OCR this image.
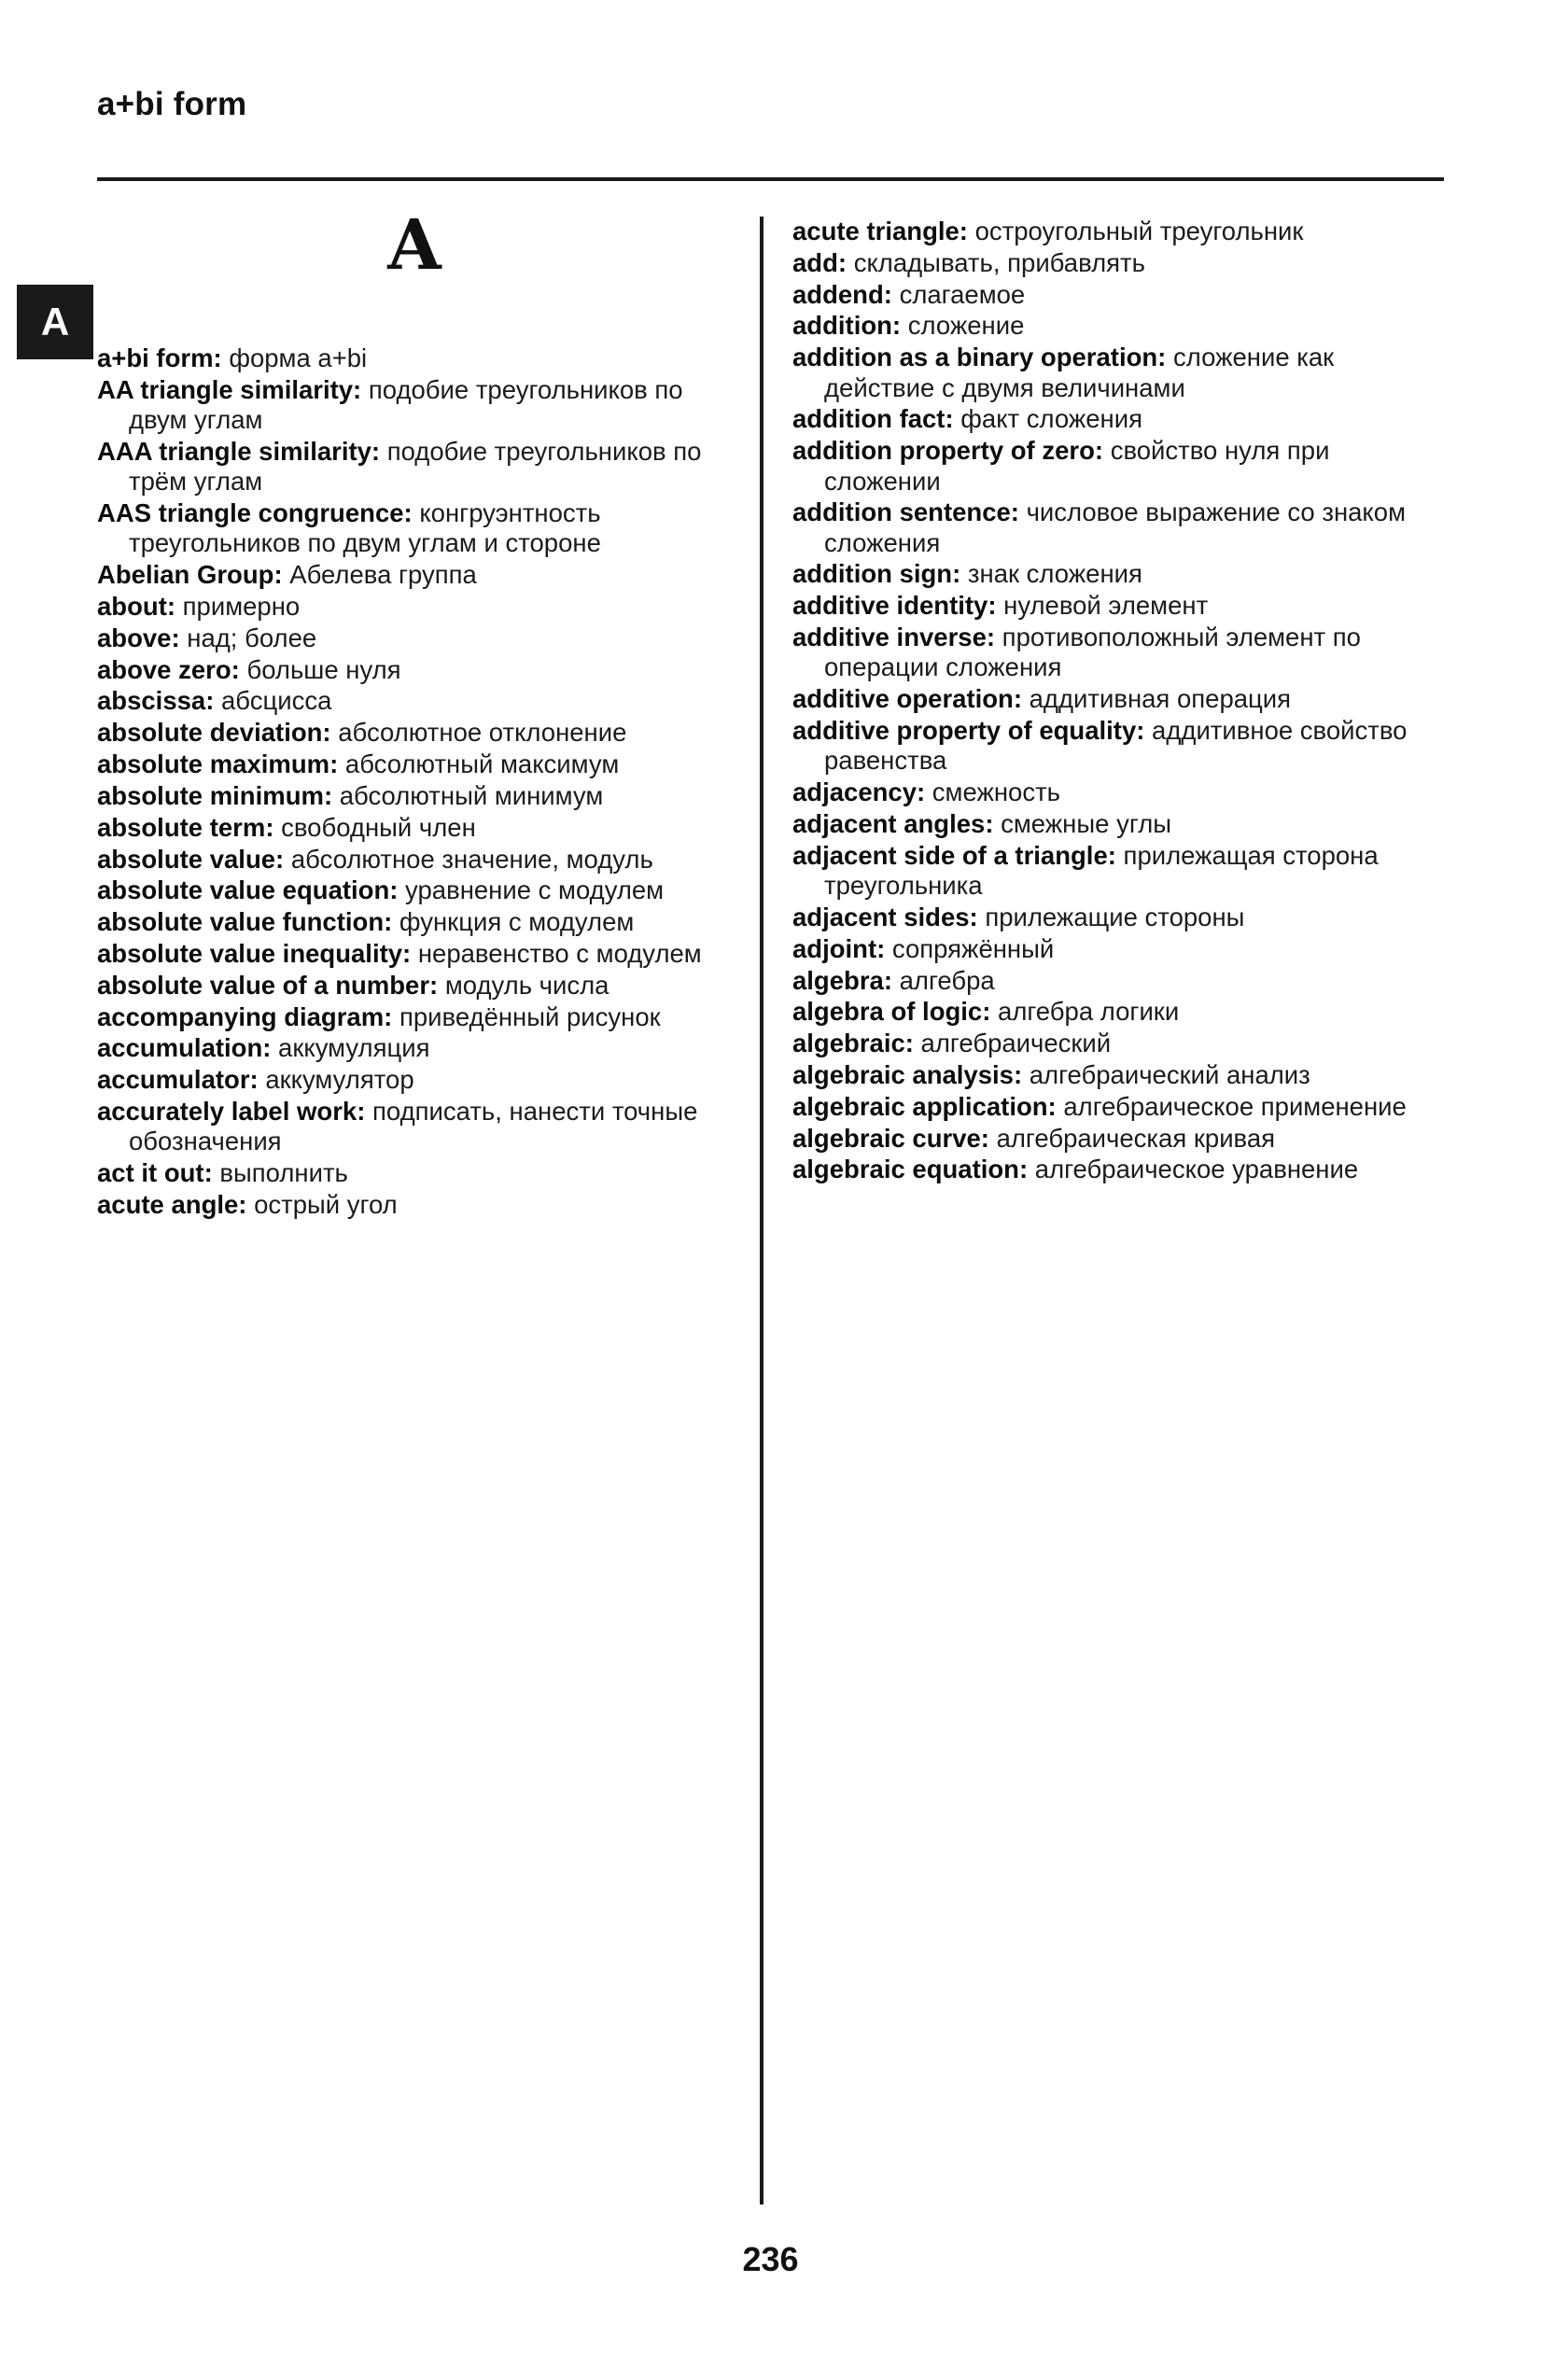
a+bi form
A
A

a+bi form: форма a+bi

AA triangle similarity: подобие треугольников по двум углам

AAA triangle similarity: подобие треугольников по трём углам

AAS triangle congruence: конгруэнтность треугольников по двум углам и стороне

Abelian Group: Абелева группа

about: примерно

above: над; более

above zero: больше нуля

abscissa: абсцисса

absolute deviation: абсолютное отклонение

absolute maximum: абсолютный максимум

absolute minimum: абсолютный минимум

absolute term: свободный член

absolute value: абсолютное значение, модуль

absolute value equation: уравнение с модулем

absolute value function: функция с модулем

absolute value inequality: неравенство с модулем

absolute value of a number: модуль числа

accompanying diagram: приведённый рисунок

accumulation: аккумуляция

accumulator: аккумулятор

accurately label work: подписать, нанести точные обозначения

act it out: выполнить

acute angle: острый угол

acute triangle: остроугольный треугольник

add: складывать, прибавлять

addend: слагаемое

addition: сложение

addition as a binary operation: сложение как действие с двумя величинами

addition fact: факт сложения

addition property of zero: свойство нуля при сложении

addition sentence: числовое выражение со знаком сложения

addition sign: знак сложения

additive identity: нулевой элемент

additive inverse: противоположный элемент по операции сложения

additive operation: аддитивная операция

additive property of equality: аддитивное свойство равенства

adjacency: смежность

adjacent angles: смежные углы

adjacent side of a triangle: прилежащая сторона треугольника

adjacent sides: прилежащие стороны

adjoint: сопряжённый

algebra: алгебра

algebra of logic: алгебра логики

algebraic: алгебраический

algebraic analysis: алгебраический анализ

algebraic application: алгебраическое применение

algebraic curve: алгебраическая кривая

algebraic equation: алгебраическое уравнение

236
